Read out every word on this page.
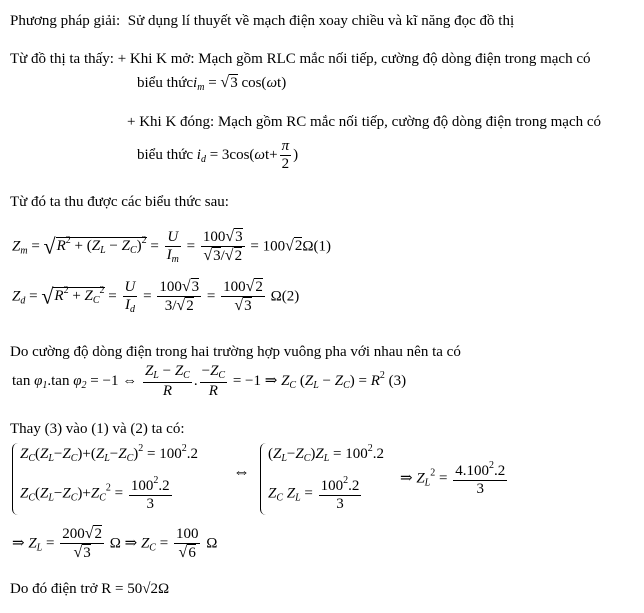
Phương pháp giải: Sử dụng lí thuyết về mạch điện xoay chiều và kĩ năng đọc đồ thị
Từ đồ thị ta thấy: + Khi K mở: Mạch gồm RLC mắc nối tiếp, cường độ dòng điện trong mạch có
biểu thứci$_m$ = √3 cos(ωt)
+ Khi K đóng: Mạch gồm RC mắc nối tiếp, cường độ dòng điện trong mạch có
biểu thức $i_d = 3\cos(\omega t+ \frac{\pi}{2}$ )
Từ đó ta thu được các biểu thức sau:
$Z_m = √R^2 + (Z_L - Z_C)^2 = \frac{U}{I_m} = \frac{100√3}{√3/√2} = 100√2\Omega(1)$
$Z_d = √R^2 + Z_C^2 = \frac{U}{I_d} = \frac{100√3}{3/√2} = \frac{100√2}{√3} \Omega(2)$
Do cường độ dòng điện trong hai trường hợp vuông pha với nhau nên ta có
$\tan \varphi_1.\tan$ $\varphi_2 = -1$ ⇔ $\frac{Z_L - Z_C}{R}$ . $\frac{-Z_C}{R} = -1$ ⇒ $Z_C$ $(Z_L - Z_C) = R^2$ (3)
Thay (3) vào (1) và (2) ta có:
$Z_C(Z_L-Z_C)+(Z_L-Z_C)^2 = 100^2.2$
$Z_C(Z_L-Z_C)+Z_C^2 = \frac{100^2.2}{3}$
⇔
$(Z_L-Z_C)Z_L = 100^2.2$
$Z_C$ $Z_L = \frac{100^2.2}{3}$	⇒ $Z_L^2 = \frac{4.100^2.2}{3}$
⇒ $Z_L = \frac{200√2}{√3}$ Ω ⇒ $Z_C = \frac{100}{√6}$ Ω
Do đó điện trở R = 50√2Ω
